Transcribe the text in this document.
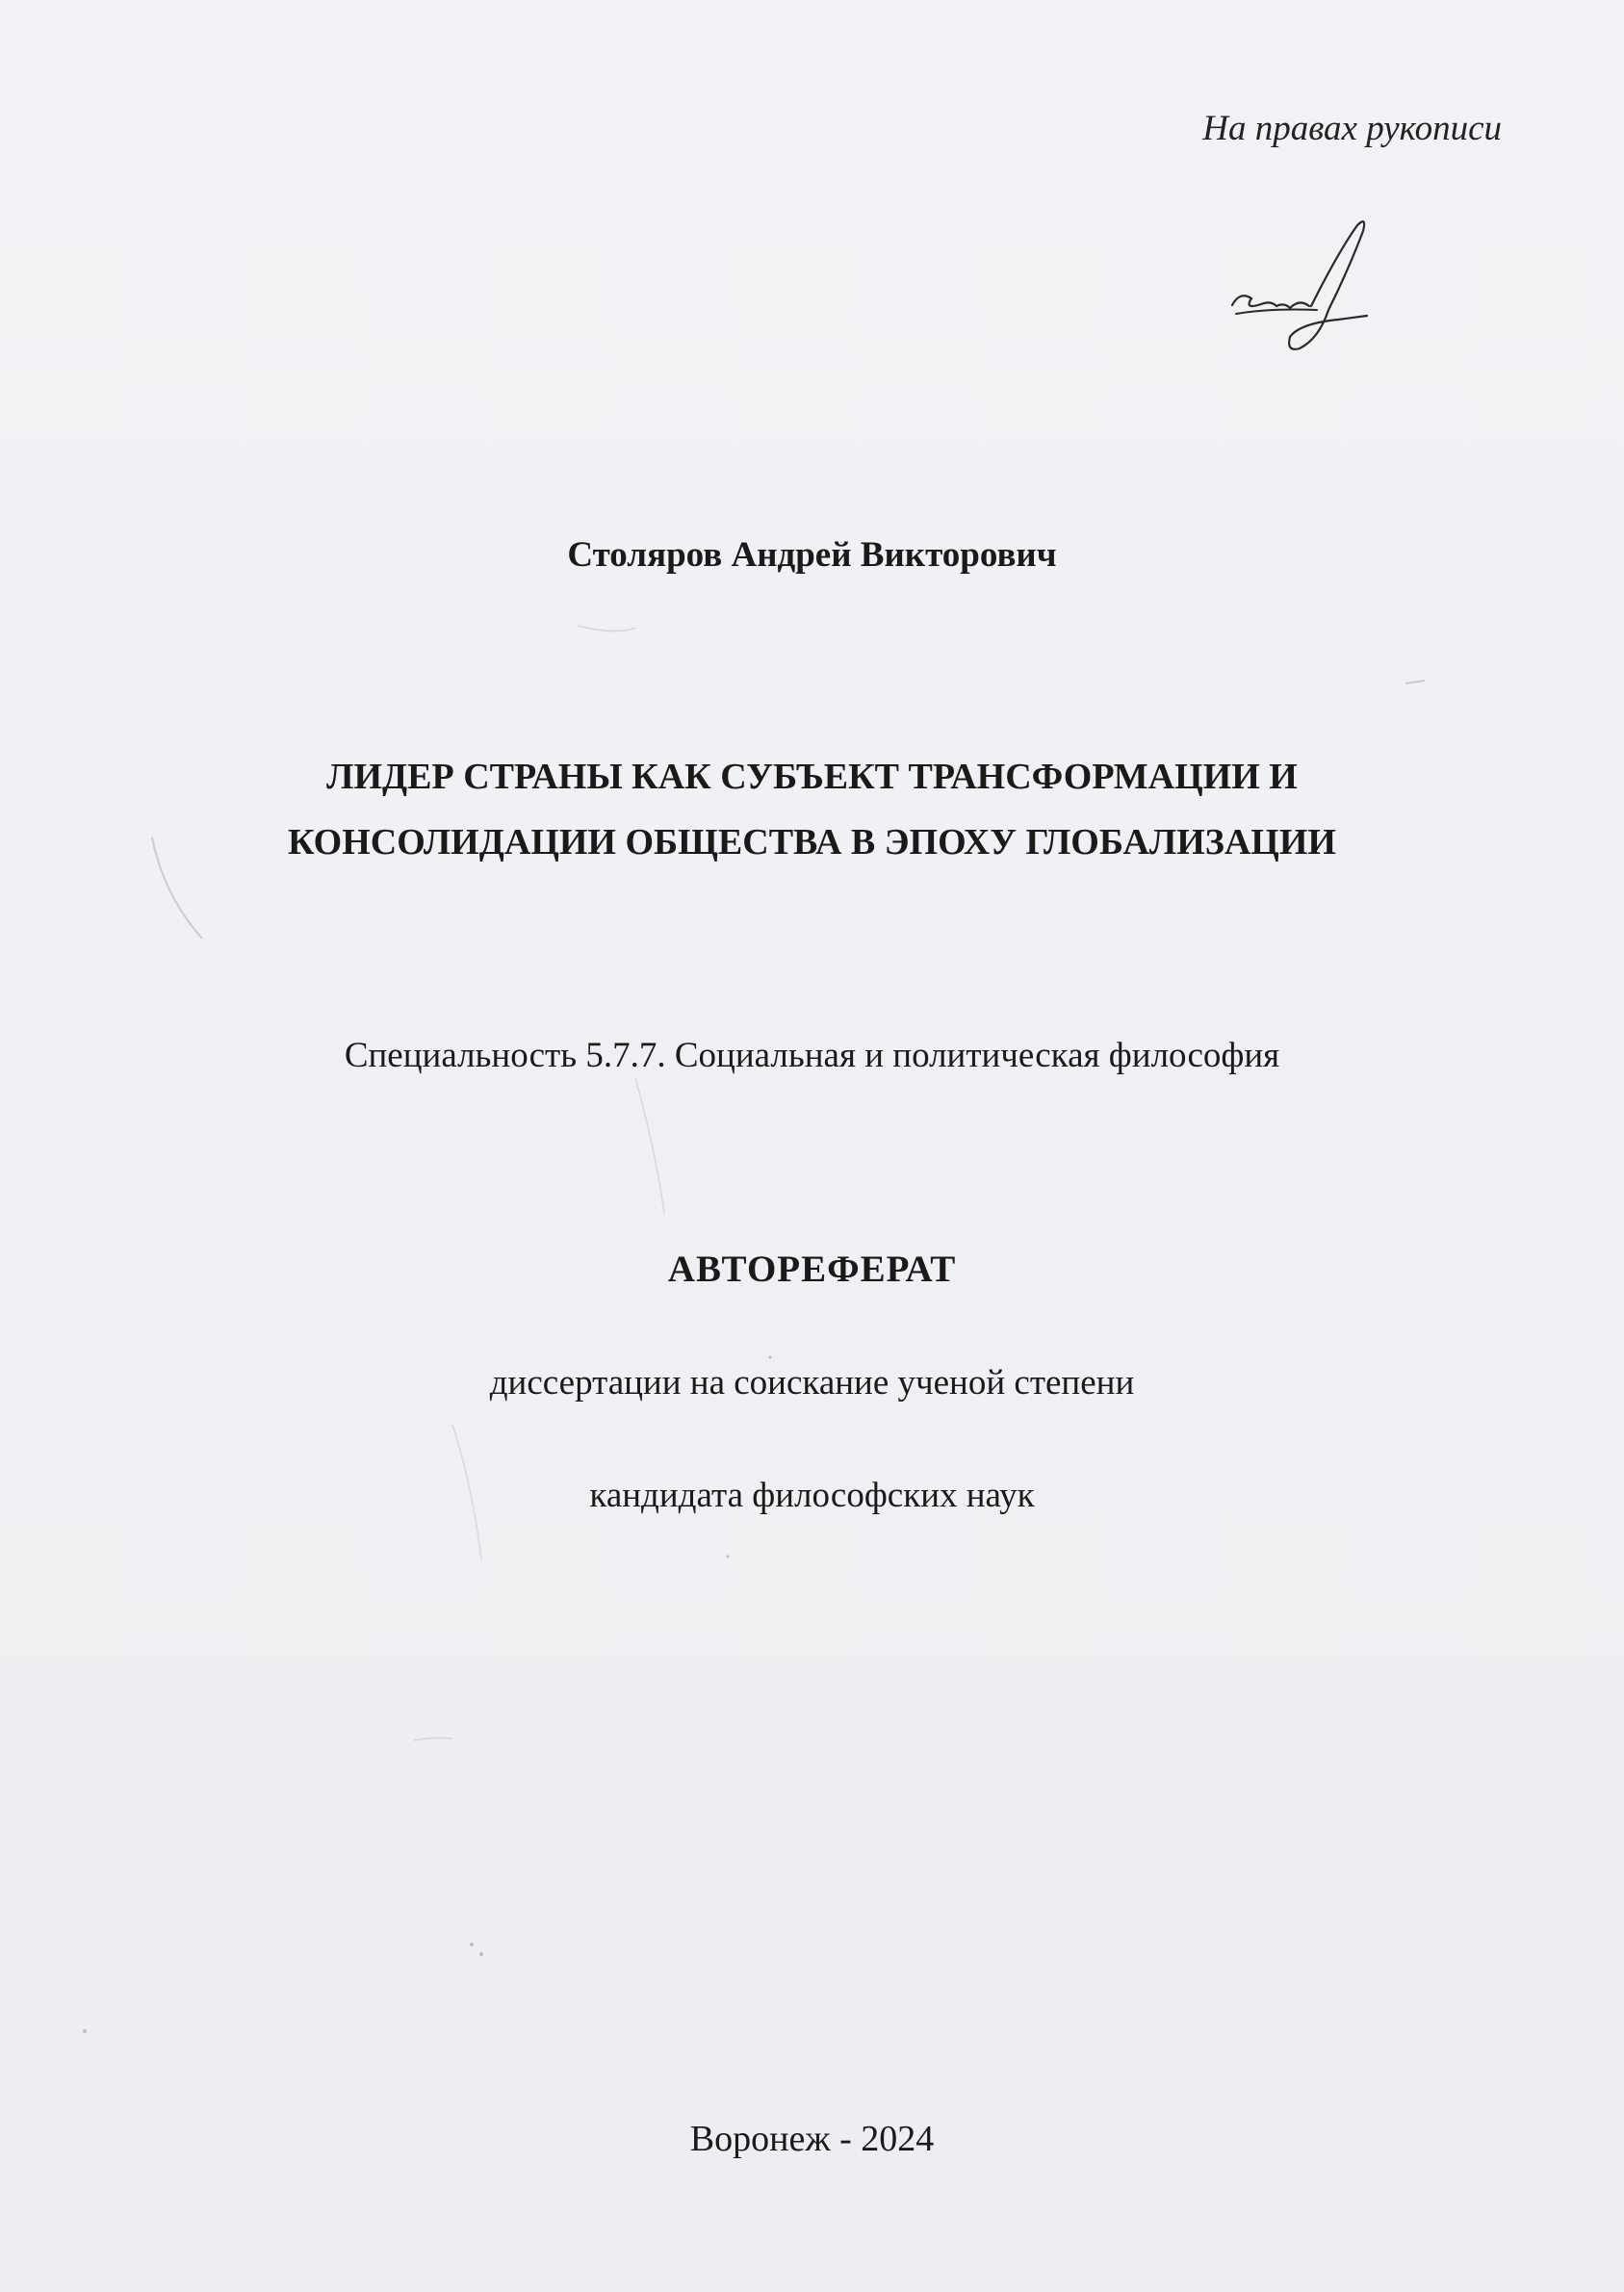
На правах рукописи
Столяров Андрей Викторович
ЛИДЕР СТРАНЫ КАК СУБЪЕКТ ТРАНСФОРМАЦИИ И
КОНСОЛИДАЦИИ ОБЩЕСТВА В ЭПОХУ ГЛОБАЛИЗАЦИИ
Специальность 5.7.7. Социальная и политическая философия
АВТОРЕФЕРАТ
диссертации на соискание ученой степени
кандидата философских наук
Воронеж - 2024
